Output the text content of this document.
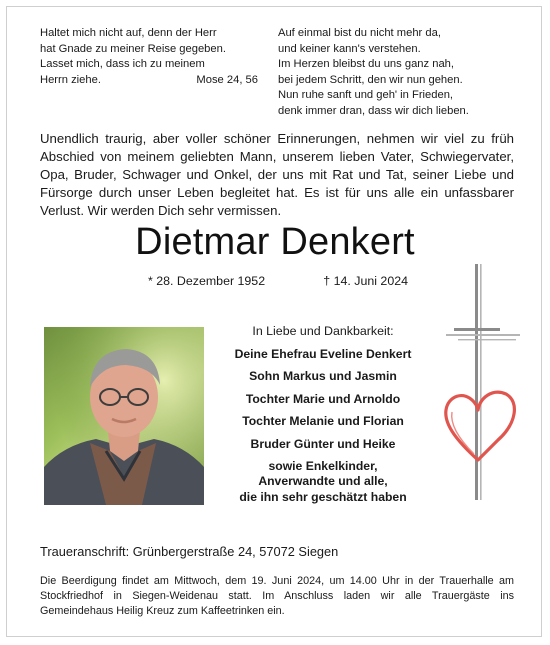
Haltet mich nicht auf, denn der Herr
hat Gnade zu meiner Reise gegeben.
Lasset mich, dass ich zu meinem
Herrn ziehe.	Mose 24, 56
Auf einmal bist du nicht mehr da,
und keiner kann's verstehen.
Im Herzen bleibst du uns ganz nah,
bei jedem Schritt, den wir nun gehen.
Nun ruhe sanft und geh' in Frieden,
denk immer dran, dass wir dich lieben.
Unendlich traurig, aber voller schöner Erinnerungen, nehmen wir viel zu früh Abschied von meinem geliebten Mann, unserem lieben Vater, Schwiegervater, Opa, Bruder, Schwager und Onkel, der uns mit Rat und Tat, seiner Liebe und Fürsorge durch unser Leben begleitet hat. Es ist für uns alle ein unfassbarer Verlust. Wir werden Dich sehr vermissen.
Dietmar Denkert
* 28. Dezember 1952	† 14. Juni 2024
In Liebe und Dankbarkeit:
Deine Ehefrau Eveline Denkert
Sohn Markus und Jasmin
Tochter Marie und Arnoldo
Tochter Melanie und Florian
Bruder Günter und Heike
sowie Enkelkinder,
Anverwandte und alle,
die ihn sehr geschätzt haben
Traueranschrift: Grünbergerstraße 24, 57072 Siegen
Die Beerdigung findet am Mittwoch, dem 19. Juni 2024, um 14.00 Uhr in der Trauerhalle am Stockfriedhof in Siegen-Weidenau statt. Im Anschluss laden wir alle Trauergäste ins Gemeindehaus Heilig Kreuz zum Kaffeetrinken ein.
